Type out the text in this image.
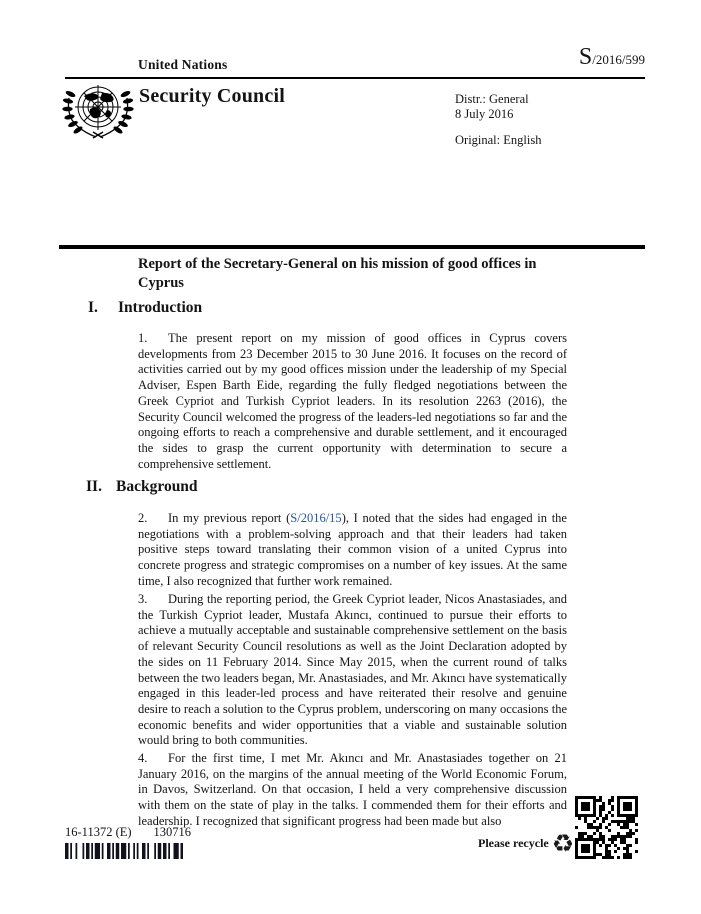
United Nations	S /2016/599
Security Council	Distr.: General
8 July 2016
Original: English
Report of the Secretary-General on his mission of good offices in Cyprus
I. Introduction
1. The present report on my mission of good offices in Cyprus covers developments from 23 December 2015 to 30 June 2016. It focuses on the record of activities carried out by my good offices mission under the leadership of my Special Adviser, Espen Barth Eide, regarding the fully fledged negotiations between the Greek Cypriot and Turkish Cypriot leaders. In its resolution 2263 (2016), the Security Council welcomed the progress of the leaders-led negotiations so far and the ongoing efforts to reach a comprehensive and durable settlement, and it encouraged the sides to grasp the current opportunity with determination to secure a comprehensive settlement.
II. Background
2. In my previous report (S/2016/15), I noted that the sides had engaged in the negotiations with a problem-solving approach and that their leaders had taken positive steps toward translating their common vision of a united Cyprus into concrete progress and strategic compromises on a number of key issues. At the same time, I also recognized that further work remained.
3. During the reporting period, the Greek Cypriot leader, Nicos Anastasiades, and the Turkish Cypriot leader, Mustafa Akıncı, continued to pursue their efforts to achieve a mutually acceptable and sustainable comprehensive settlement on the basis of relevant Security Council resolutions as well as the Joint Declaration adopted by the sides on 11 February 2014. Since May 2015, when the current round of talks between the two leaders began, Mr. Anastasiades, and Mr. Akıncı have systematically engaged in this leader-led process and have reiterated their resolve and genuine desire to reach a solution to the Cyprus problem, underscoring on many occasions the economic benefits and wider opportunities that a viable and sustainable solution would bring to both communities.
4. For the first time, I met Mr. Akıncı and Mr. Anastasiades together on 21 January 2016, on the margins of the annual meeting of the World Economic Forum, in Davos, Switzerland. On that occasion, I held a very comprehensive discussion with them on the state of play in the talks. I commended them for their efforts and leadership. I recognized that significant progress had been made but also
16-11372 (E) 130716
Please recycle ♻
